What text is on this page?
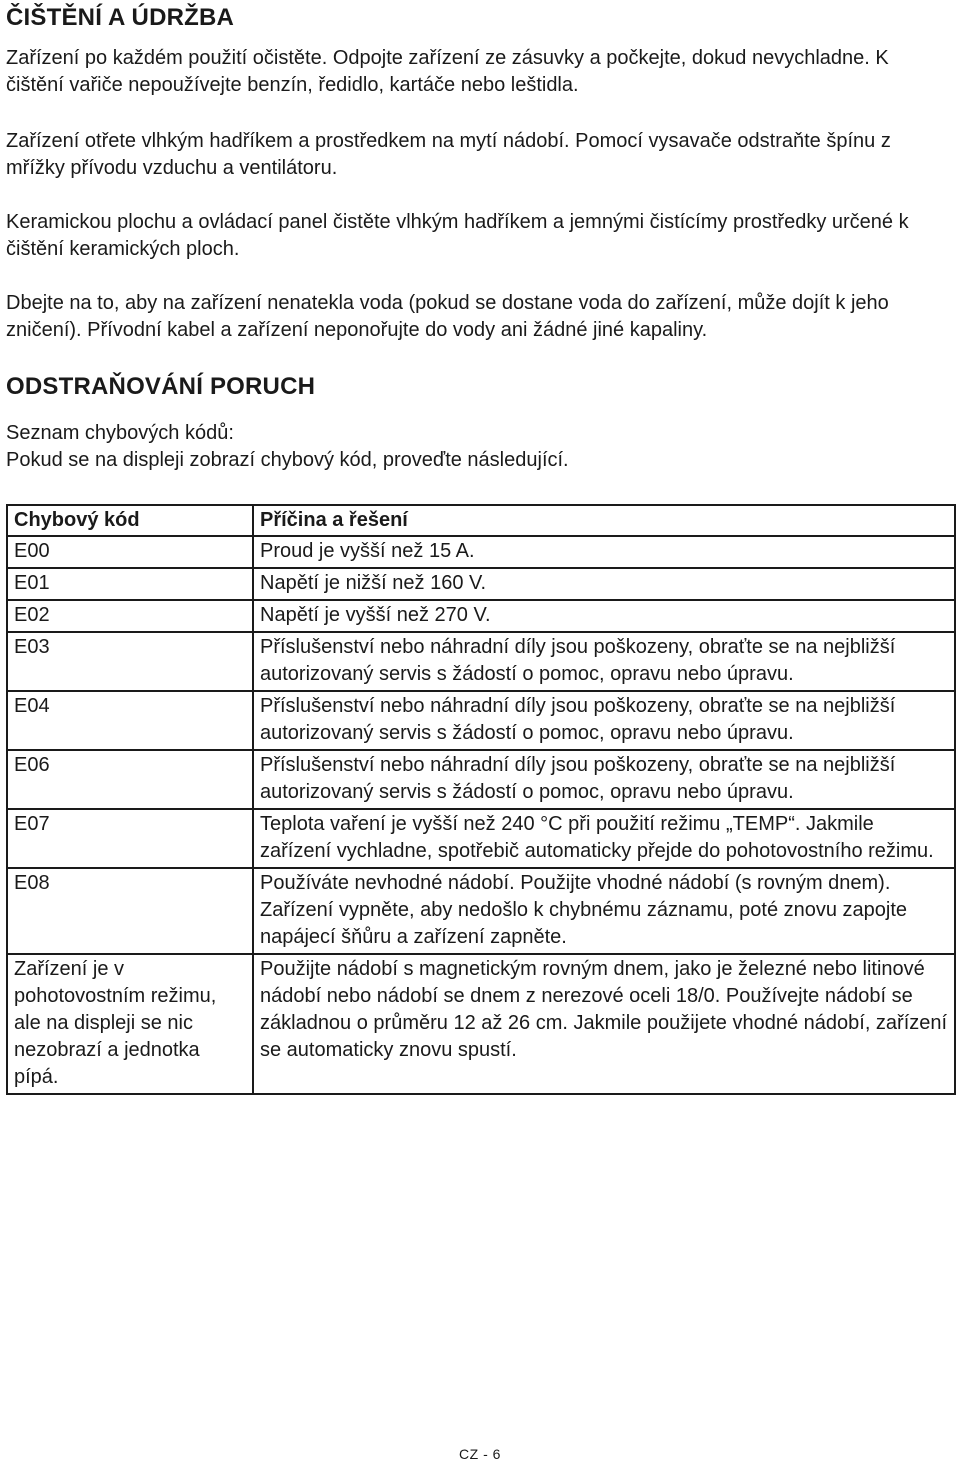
ČIŠTĚNÍ A ÚDRŽBA

Zařízení po každém použití očistěte. Odpojte zařízení ze zásuvky a počkejte, dokud nevychladne. K čištění vařiče nepoužívejte benzín, ředidlo, kartáče nebo leštidla.

Zařízení otřete vlhkým hadříkem a prostředkem na mytí nádobí. Pomocí vysavače odstraňte špínu z mřížky přívodu vzduchu a ventilátoru.

Keramickou plochu a ovládací panel čistěte vlhkým hadříkem a jemnými čistícímy prostředky určené k čištění keramických ploch.

Dbejte na to, aby na zařízení nenatekla voda (pokud se dostane voda do zařízení, může dojít k jeho zničení). Přívodní kabel a zařízení neponořujte do vody ani žádné jiné kapaliny.

ODSTRAŇOVÁNÍ PORUCH

Seznam chybových kódů:

Pokud se na displeji zobrazí chybový kód, proveďte následující.

Chybový kód	Příčina a řešení
E00	Proud je vyšší než 15 A.
E01	Napětí je nižší než 160 V.
E02	Napětí je vyšší než 270 V.
E03	Příslušenství nebo náhradní díly jsou poškozeny, obraťte se na nejbližší autorizovaný servis s žádostí o pomoc, opravu nebo úpravu.
E04	Příslušenství nebo náhradní díly jsou poškozeny, obraťte se na nejbližší autorizovaný servis s žádostí o pomoc, opravu nebo úpravu.
E06	Příslušenství nebo náhradní díly jsou poškozeny, obraťte se na nejbližší autorizovaný servis s žádostí o pomoc, opravu nebo úpravu.
E07	Teplota vaření je vyšší než 240 °C při použití režimu „TEMP“. Jakmile zařízení vychladne, spotřebič automaticky přejde do pohotovostního režimu.
E08	Používáte nevhodné nádobí. Použijte vhodné nádobí (s rovným dnem). Zařízení vypněte, aby nedošlo k chybnému záznamu, poté znovu zapojte napájecí šňůru a zařízení zapněte.
Zařízení je v pohotovostním režimu, ale na displeji se nic nezobrazí a jednotka pípá.	Použijte nádobí s magnetickým rovným dnem, jako je železné nebo litinové nádobí nebo nádobí se dnem z nerezové oceli 18/0. Používejte nádobí se základnou o průměru 12 až 26 cm. Jakmile použijete vhodné nádobí, zařízení se automaticky znovu spustí.
CZ - 6
